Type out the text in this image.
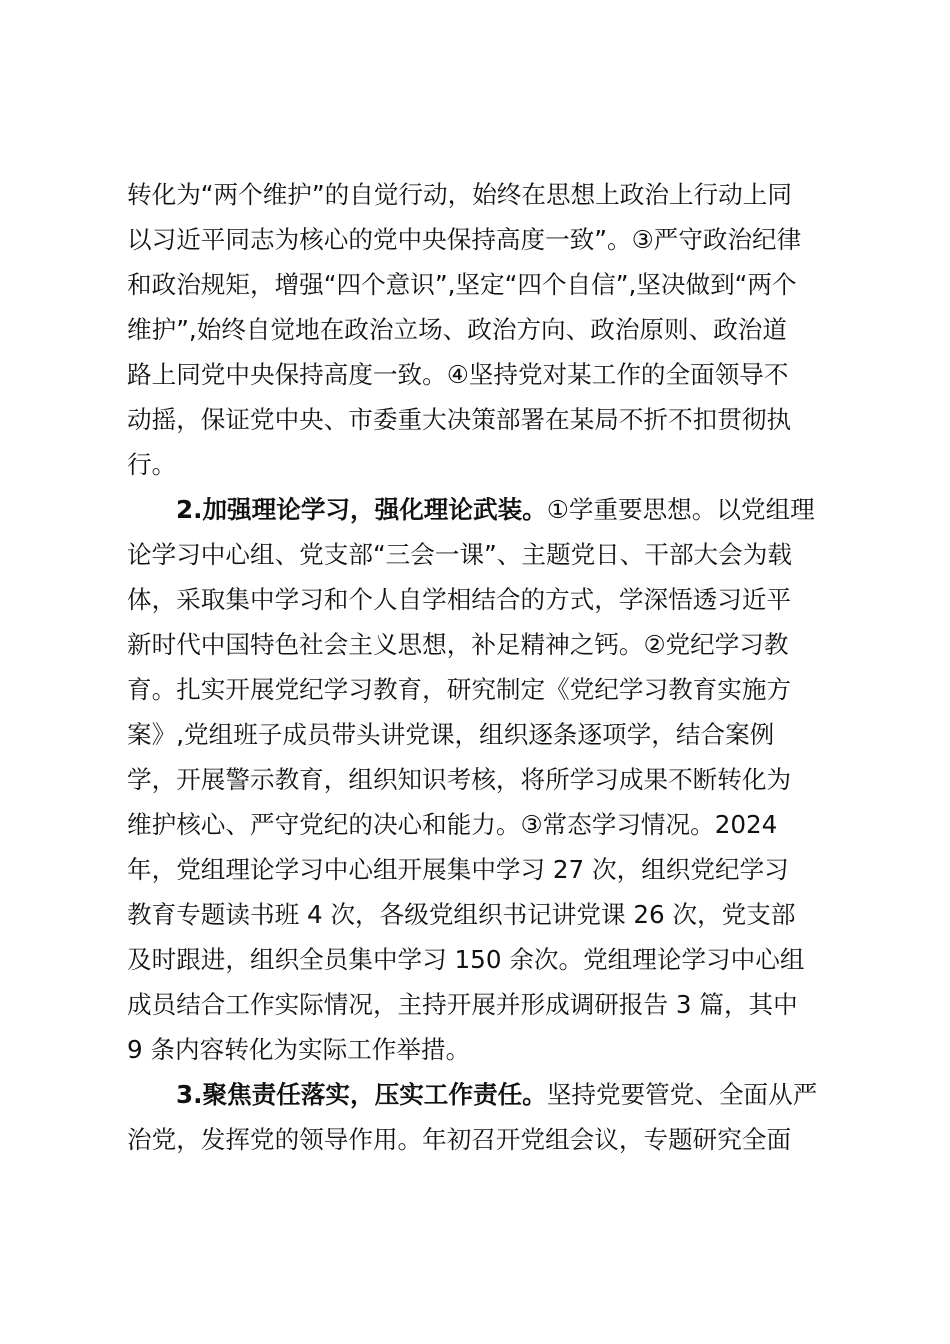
转化为“两个维护”的自觉行动，始终在思想上政治上行动上同
以习近平同志为核心的党中央保持高度一致”。③严守政治纪律
和政治规矩，增强“四个意识”,坚定“四个自信”,坚决做到“两个
维护”,始终自觉地在政治立场、政治方向、政治原则、政治道
路上同党中央保持高度一致。④坚持党对某工作的全面领导不
动摇，保证党中央、市委重大决策部署在某局不折不扣贯彻执
行。
2.加强理论学习，强化理论武装。①学重要思想。以党组理
论学习中心组、党支部“三会一课”、主题党日、干部大会为载
体，采取集中学习和个人自学相结合的方式，学深悟透习近平
新时代中国特色社会主义思想，补足精神之钙。②党纪学习教
育。扎实开展党纪学习教育，研究制定《党纪学习教育实施方
案》,党组班子成员带头讲党课，组织逐条逐项学，结合案例
学，开展警示教育，组织知识考核，将所学习成果不断转化为
维护核心、严守党纪的决心和能力。③常态学习情况。2024
年，党组理论学习中心组开展集中学习 27 次，组织党纪学习
教育专题读书班 4 次，各级党组织书记讲党课 26 次，党支部
及时跟进，组织全员集中学习 150 余次。党组理论学习中心组
成员结合工作实际情况，主持开展并形成调研报告 3 篇，其中
9 条内容转化为实际工作举措。
3.聚焦责任落实，压实工作责任。坚持党要管党、全面从严
治党，发挥党的领导作用。年初召开党组会议，专题研究全面
